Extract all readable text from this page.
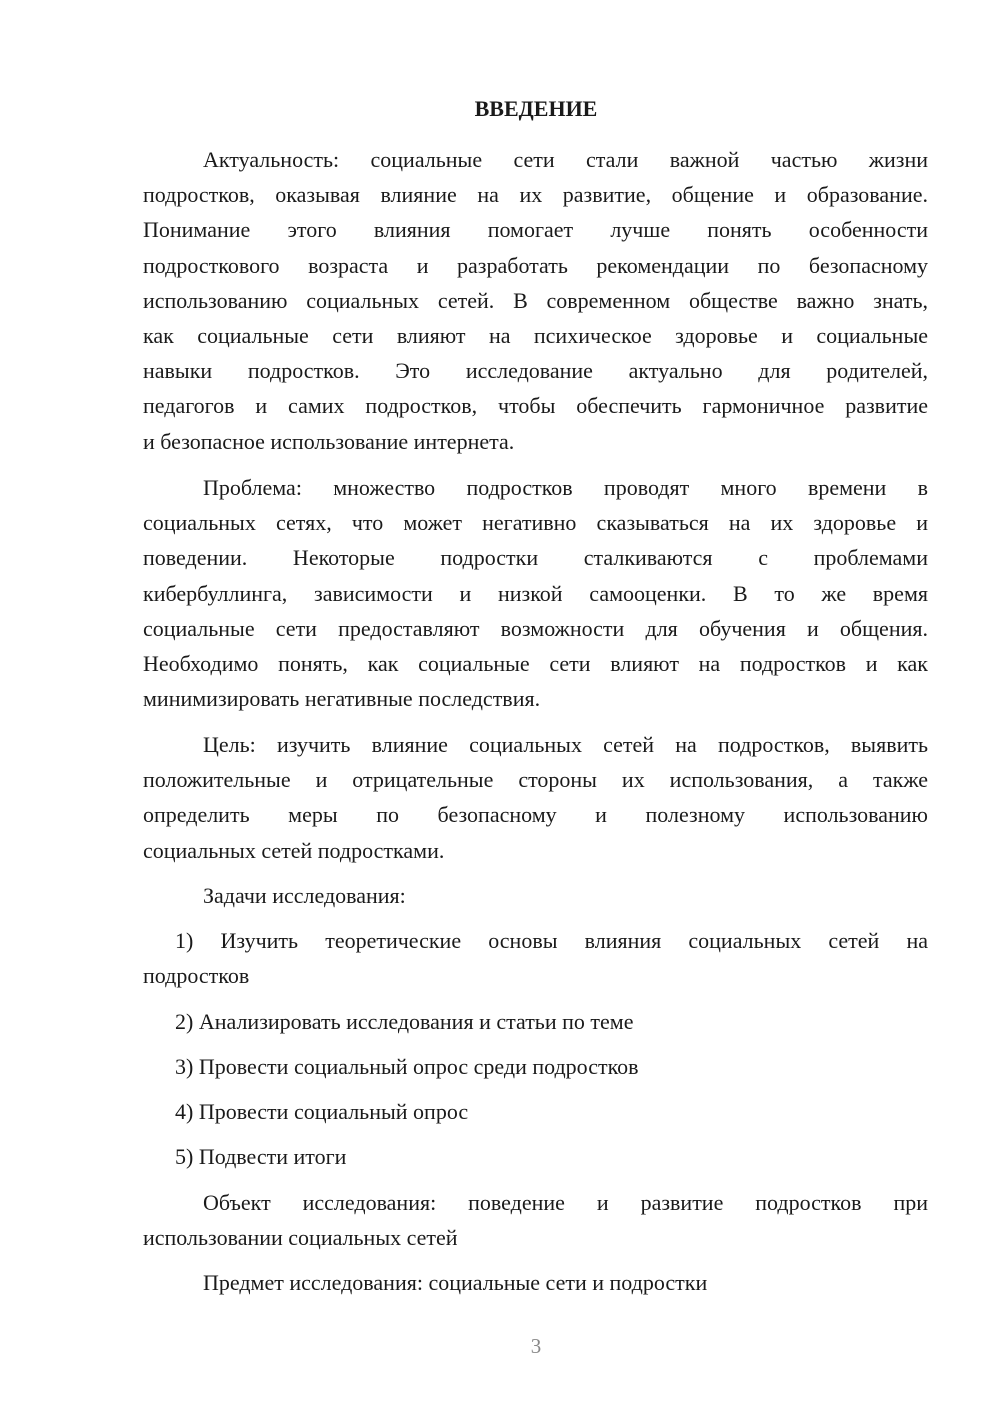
ВВЕДЕНИЕ
Актуальность: социальные сети стали важной частью жизни
подростков, оказывая влияние на их развитие, общение и образование.
Понимание этого влияния помогает лучше понять особенности
подросткового возраста и разработать рекомендации по безопасному
использованию социальных сетей. В современном обществе важно знать,
как социальные сети влияют на психическое здоровье и социальные
навыки подростков. Это исследование актуально для родителей,
педагогов и самих подростков, чтобы обеспечить гармоничное развитие
и безопасное использование интернета.
Проблема: множество подростков проводят много времени в
социальных сетях, что может негативно сказываться на их здоровье и
поведении. Некоторые подростки сталкиваются с проблемами
кибербуллинга, зависимости и низкой самооценки. В то же время
социальные сети предоставляют возможности для обучения и общения.
Необходимо понять, как социальные сети влияют на подростков и как
минимизировать негативные последствия.
Цель: изучить влияние социальных сетей на подростков, выявить
положительные и отрицательные стороны их использования, а также
определить меры по безопасному и полезному использованию
социальных сетей подростками.
Задачи исследования:
1) Изучить теоретические основы влияния социальных сетей на
подростков
2) Анализировать исследования и статьи по теме
3) Провести социальный опрос среди подростков
4) Провести социальный опрос
5) Подвести итоги
Объект исследования: поведение и развитие подростков при
использовании социальных сетей
Предмет исследования: социальные сети и подростки
3
